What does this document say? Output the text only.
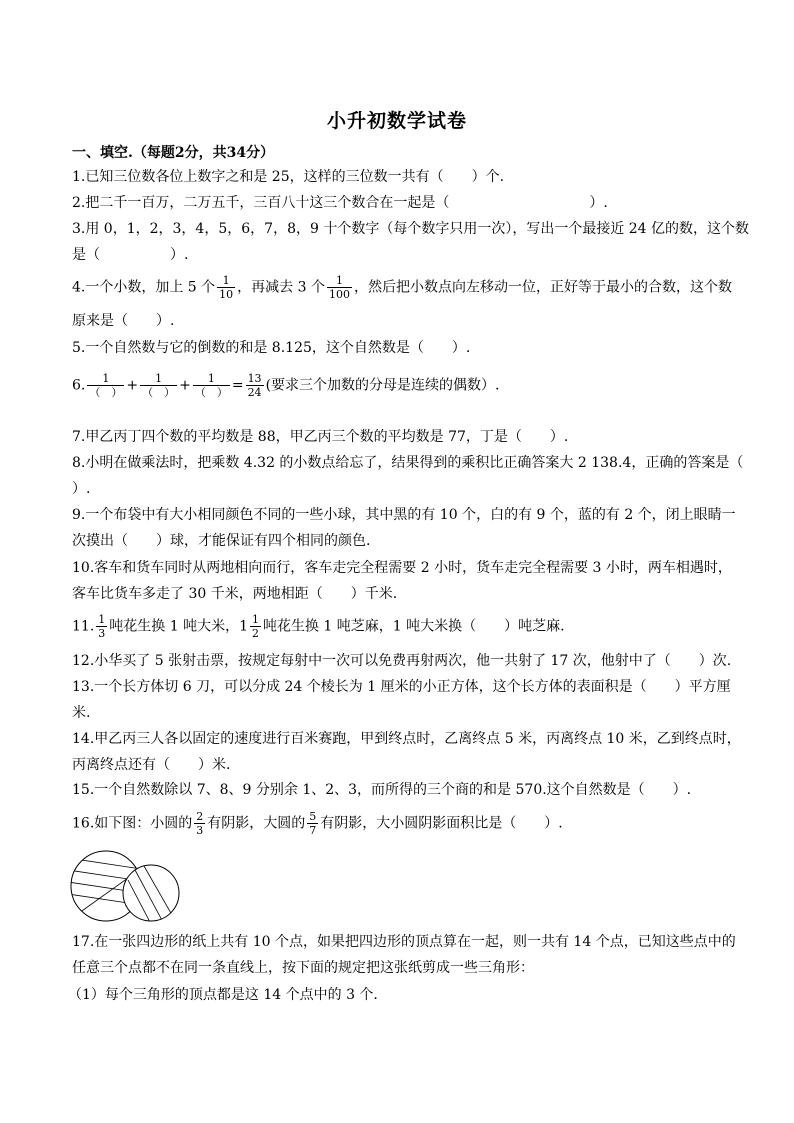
小升初数学试卷
一、填空.（每题2分，共34分）
1.已知三位数各位上数字之和是 25，这样的三位数一共有（　　）个.
2.把二千一百万，二万五千，三百八十这三个数合在一起是（　　　　　　　　　　）.
3.用 0，1，2，3，4，5，6，7，8，9 十个数字（每个数字只用一次），写出一个最接近 24 亿的数，这个数
是（　　　　　）.
4.一个小数，加上 5 个 $\frac{1}{10}$ ，再减去 3 个 $\frac{1}{100}$ ，然后把小数点向左移动一位，正好等于最小的合数，这个数
原来是（　　）.
5.一个自然数与它的倒数的和是 8.125，这个自然数是（　　）.
6. $\frac{1}{( )} + \frac{1}{( )} + \frac{1}{( )} = \frac{13}{24}$ (要求三个加数的分母是连续的偶数）.
7.甲乙丙丁四个数的平均数是 88，甲乙丙三个数的平均数是 77，丁是（　　）.
8.小明在做乘法时，把乘数 4.32 的小数点给忘了，结果得到的乘积比正确答案大 2 138.4，正确的答案是（
）.
9.一个布袋中有大小相同颜色不同的一些小球，其中黑的有 10 个，白的有 9 个，蓝的有 2 个，闭上眼睛一
次摸出（　　）球，才能保证有四个相同的颜色.
10.客车和货车同时从两地相向而行，客车走完全程需要 2 小时，货车走完全程需要 3 小时，两车相遇时，
客车比货车多走了 30 千米，两地相距（　　）千米.
11. $\frac{1}{3}$ 吨花生换 1 吨大米，$1 \frac{1}{2}$ 吨花生换 1 吨芝麻，1 吨大米换（　　）吨芝麻.
12.小华买了 5 张射击票，按规定每射中一次可以免费再射两次，他一共射了 17 次，他射中了（　　）次.
13.一个长方体切 6 刀，可以分成 24 个棱长为 1 厘米的小正方体，这个长方体的表面积是（　　）平方厘
米.
14.甲乙丙三人各以固定的速度进行百米赛跑，甲到终点时，乙离终点 5 米，丙离终点 10 米，乙到终点时，
丙离终点还有（　　）米.
15.一个自然数除以 7、8、9 分别余 1、2、3，而所得的三个商的和是 570.这个自然数是（　　）.
16.如下图：小圆的 $\frac{2}{3}$ 有阴影，大圆的 $\frac{5}{7}$ 有阴影，大小圆阴影面积比是（　　）.
17.在一张四边形的纸上共有 10 个点，如果把四边形的顶点算在一起，则一共有 14 个点，已知这些点中的
任意三个点都不在同一条直线上，按下面的规定把这张纸剪成一些三角形：
（1）每个三角形的顶点都是这 14 个点中的 3 个.
